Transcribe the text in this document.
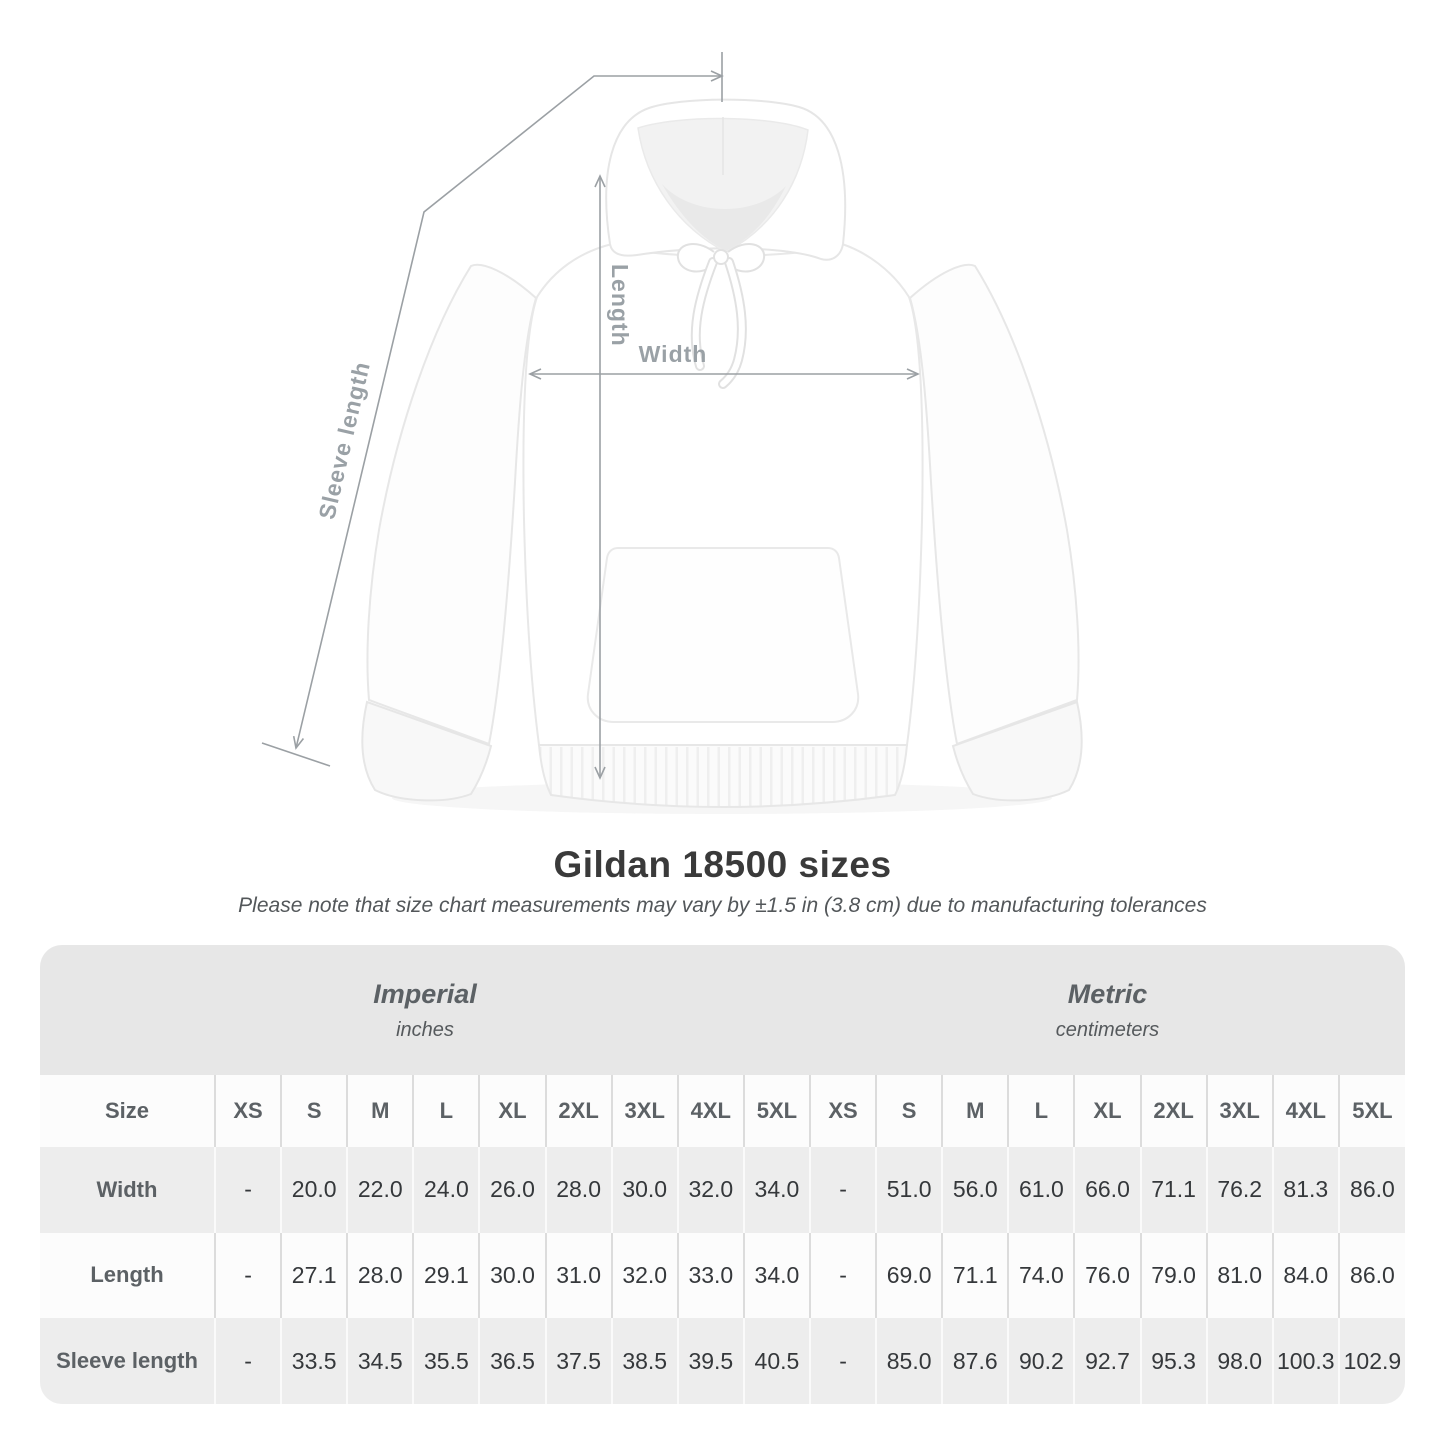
Width
Length
Sleeve length
Gildan 18500 sizes
Please note that size chart measurements may vary by ±1.5 in (3.8 cm) due to manufacturing tolerances
Imperial
inches

Metric
centimeters

Size	XS	S	M	L	XL	2XL	3XL	4XL	5XL	XS	S	M	L	XL	2XL	3XL	4XL	5XL
Width	-	20.0	22.0	24.0	26.0	28.0	30.0	32.0	34.0	-	51.0	56.0	61.0	66.0	71.1	76.2	81.3	86.0
Length	-	27.1	28.0	29.1	30.0	31.0	32.0	33.0	34.0	-	69.0	71.1	74.0	76.0	79.0	81.0	84.0	86.0
Sleeve length	-	33.5	34.5	35.5	36.5	37.5	38.5	39.5	40.5	-	85.0	87.6	90.2	92.7	95.3	98.0	100.3	102.9
